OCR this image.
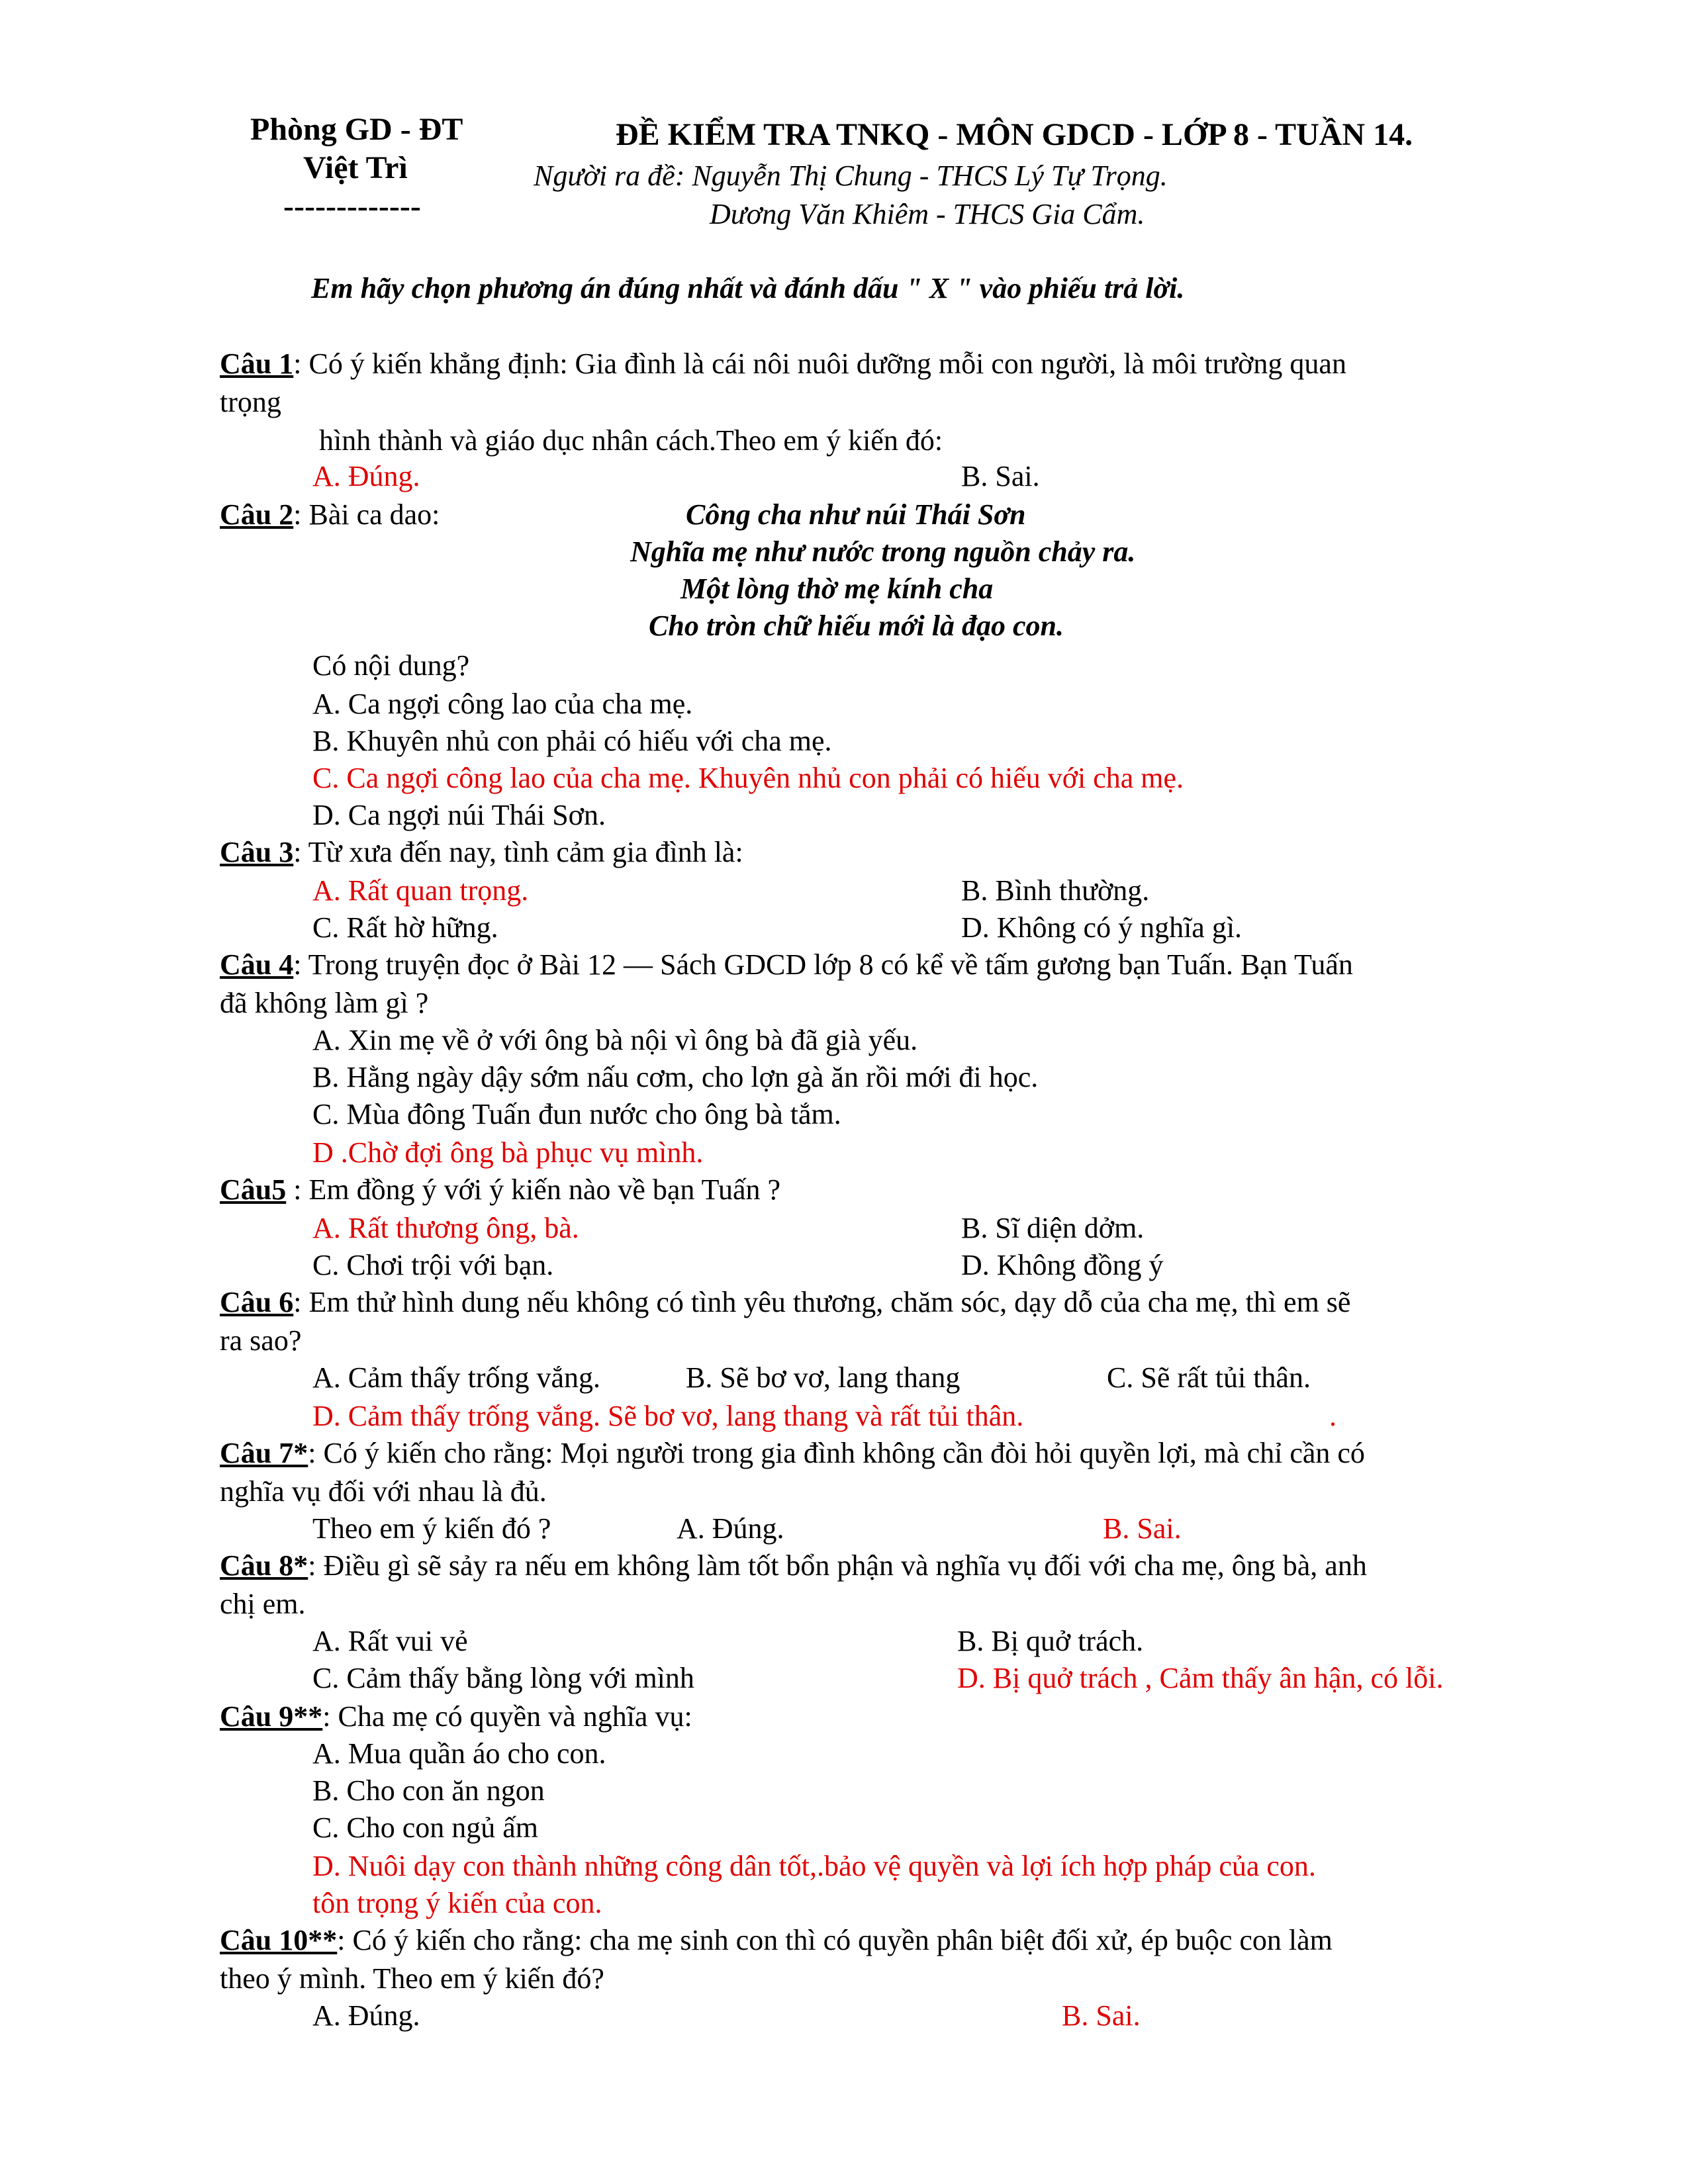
Phòng GD - ĐT
Việt Trì
-------------
ĐỀ KIỂM TRA TNKQ - MÔN GDCD - LỚP 8 - TUẦN 14.
Người ra đề: Nguyễn Thị Chung - THCS Lý Tự Trọng.
Dương Văn Khiêm - THCS Gia Cẩm.
Em hãy chọn phương án đúng nhất và đánh dấu " X " vào phiếu trả lời.
Câu 1: Có ý kiến khẳng định: Gia đình là cái nôi nuôi dưỡng mỗi con người, là môi trường quan
trọng
hình thành và giáo dục nhân cách.Theo em ý kiến đó:
A. Đúng.	B. Sai.
Câu 2: Bài ca dao:	Công cha như núi Thái Sơn
Nghĩa mẹ như nước trong nguồn chảy ra.
Một lòng thờ mẹ kính cha
Cho tròn chữ hiếu mới là đạo con.
Có nội dung?
A. Ca ngợi công lao của cha mẹ.
B. Khuyên nhủ con phải có hiếu với cha mẹ.
C. Ca ngợi công lao của cha mẹ. Khuyên nhủ con phải có hiếu với cha mẹ.
D. Ca ngợi núi Thái Sơn.
Câu 3: Từ xưa đến nay, tình cảm gia đình là:
A. Rất quan trọng.	B. Bình thường.
C. Rất hờ hững.	D. Không có ý nghĩa gì.
Câu 4: Trong truyện đọc ở Bài 12 — Sách GDCD lớp 8 có kể về tấm gương bạn Tuấn. Bạn Tuấn
đã không làm gì ?
A. Xin mẹ về ở với ông bà nội vì ông bà đã già yếu.
B. Hằng ngày dậy sớm nấu cơm, cho lợn gà ăn rồi mới đi học.
C. Mùa đông Tuấn đun nước cho ông bà tắm.
D .Chờ đợi ông bà phục vụ mình.
Câu5 : Em đồng ý với ý kiến nào về bạn Tuấn ?
A. Rất thương ông, bà.	B. Sĩ diện dởm.
C. Chơi trội với bạn.	D. Không đồng ý
Câu 6: Em thử hình dung nếu không có tình yêu thương, chăm sóc, dạy dỗ của cha mẹ, thì em sẽ
ra sao?
A. Cảm thấy trống vắng.	B. Sẽ bơ vơ, lang thang	C. Sẽ rất tủi thân.
D. Cảm thấy trống vắng. Sẽ bơ vơ, lang thang và rất tủi thân.	.
Câu 7*: Có ý kiến cho rằng: Mọi người trong gia đình không cần đòi hỏi quyền lợi, mà chỉ cần có
nghĩa vụ đối với nhau là đủ.
Theo em ý kiến đó ?	A. Đúng.	B. Sai.
Câu 8*: Điều gì sẽ sảy ra nếu em không làm tốt bổn phận và nghĩa vụ đối với cha mẹ, ông bà, anh
chị em.
A. Rất vui vẻ	B. Bị quở trách.
C. Cảm thấy bằng lòng với mình	D. Bị quở trách , Cảm thấy ân hận, có lỗi.
Câu 9**: Cha mẹ có quyền và nghĩa vụ:
A. Mua quần áo cho con.
B. Cho con ăn ngon
C. Cho con ngủ ấm
D. Nuôi dạy con thành những công dân tốt,.bảo vệ quyền và lợi ích hợp pháp của con.
tôn trọng ý kiến của con.
Câu 10**: Có ý kiến cho rằng: cha mẹ sinh con thì có quyền phân biệt đối xử, ép buộc con làm
theo ý mình. Theo em ý kiến đó?
A. Đúng.	B. Sai.
